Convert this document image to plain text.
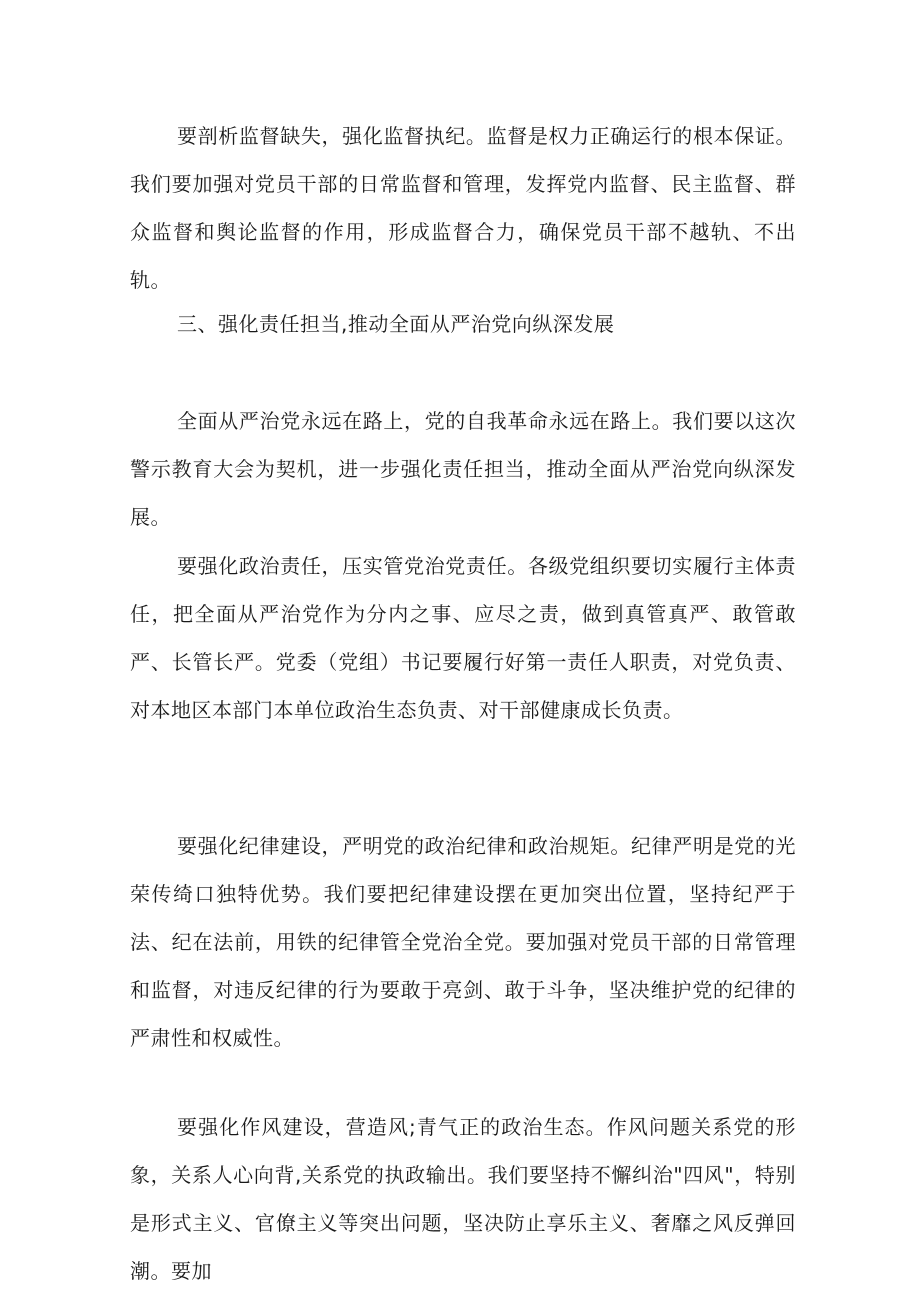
要剖析监督缺失，强化监督执纪。监督是权力正确运行的根本保证。我们要加强对党员干部的日常监督和管理，发挥党内监督、民主监督、群众监督和舆论监督的作用，形成监督合力，确保党员干部不越轨、不出轨。

三、强化责任担当,推动全面从严治党向纵深发展

全面从严治党永远在路上，党的自我革命永远在路上。我们要以这次警示教育大会为契机，进一步强化责任担当，推动全面从严治党向纵深发展。

要强化政治责任，压实管党治党责任。各级党组织要切实履行主体责任，把全面从严治党作为分内之事、应尽之责，做到真管真严、敢管敢严、长管长严。党委（党组）书记要履行好第一责任人职责，对党负责、对本地区本部门本单位政治生态负责、对干部健康成长负责。

要强化纪律建设，严明党的政治纪律和政治规矩。纪律严明是党的光荣传绮口独特优势。我们要把纪律建设摆在更加突出位置，坚持纪严于法、纪在法前，用铁的纪律管全党治全党。要加强对党员干部的日常管理和监督，对违反纪律的行为要敢于亮剑、敢于斗争，坚决维护党的纪律的严肃性和权威性。

要强化作风建设，营造风;青气正的政治生态。作风问题关系党的形象，关系人心向背,关系党的执政输出。我们要坚持不懈纠治"四风"，特别是形式主义、官僚主义等突出问题，坚决防止享乐主义、奢靡之风反弹回潮。要加
